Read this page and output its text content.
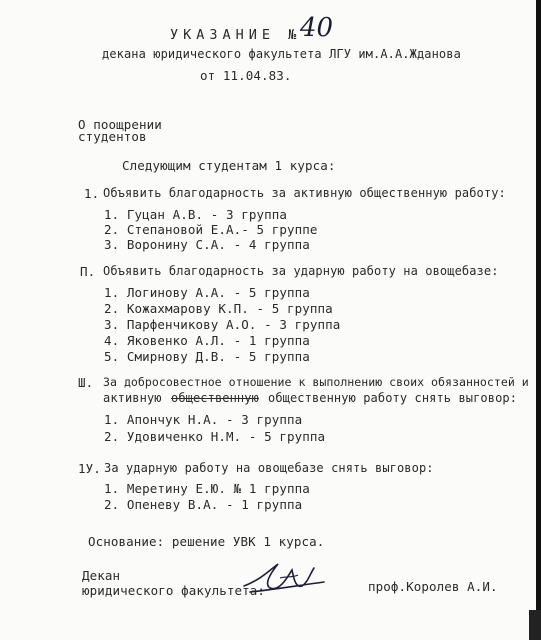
УКАЗАНИЕ №
40
декана юридического факультета ЛГУ им.А.А.Жданова
от 11.04.83.
О поощрении
студентов
Следующим студентам 1 курса:
1. Объявить благодарность за активную общественную работу:
1. Гуцан А.В. - 3 группа
2. Степановой Е.А.- 5 группе
3. Воронину С.А. - 4 группа
П. Объявить благодарность за ударную работу на овощебазе:
1. Логинову А.А. - 5 группа
2. Кожахмарову К.П. - 5 группа
3. Парфенчикову А.О. - 3 группа
4. Яковенко А.Л. - 1 группа
5. Смирнову Д.В. - 5 группа
Ш. За добросовестное отношение к выполнению своих обязанностей и
активную общественную общественную работу снять выговор:
1. Апончук Н.А. - 3 группа
2. Удовиченко Н.М. - 5 группа
1У. За ударную работу на овощебазе снять выговор:
1. Меретину Е.Ю. № 1 группа
2. Опеневу В.А. - 1 группа
Основание: решение УВК 1 курса.
Декан
юридического факультета:	проф.Королев А.И.
